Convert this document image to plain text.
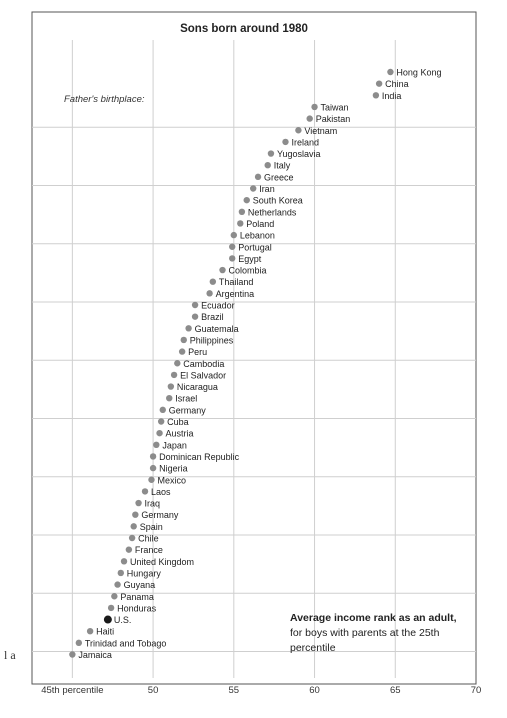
Sons born around 1980
45th percentile	50	55	60	65	70
Hong Kong
China
India
Taiwan
Pakistan
Vietnam
Ireland
Yugoslavia
Italy
Greece
Iran
South Korea
Netherlands
Poland
Lebanon
Portugal
Egypt
Colombia
Thailand
Argentina
Ecuador
Brazil
Guatemala
Philippines
Peru
Cambodia
El Salvador
Nicaragua
Israel
Germany
Cuba
Austria
Japan
Dominican Republic
Nigeria
Mexico
Laos
Iraq
Germany
Spain
Chile
France
United Kingdom
Hungary
Guyana
Panama
Honduras
U.S.
Haiti
Trinidad and Tobago
Jamaica
Father's birthplace:
Average income rank as an adult,
for boys with parents at the 25th
percentile
l a
